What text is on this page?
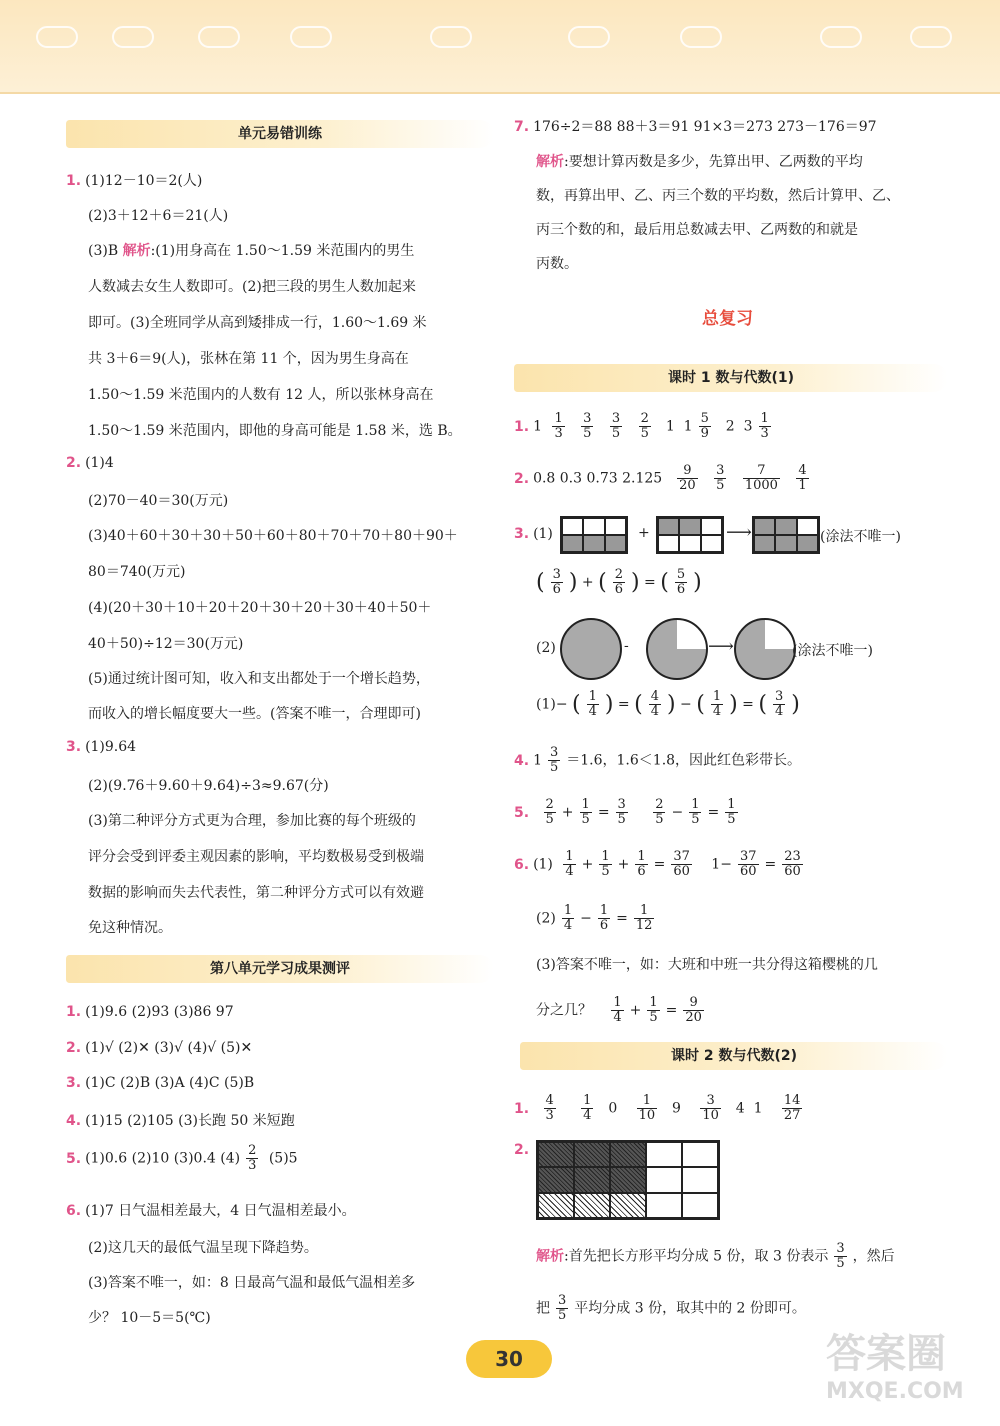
单元易错训练
1. (1)12－10＝2(人)
(2)3＋12＋6＝21(人)
(3)B 解析:(1)用身高在 1.50～1.59 米范围内的男生
人数减去女生人数即可。(2)把三段的男生人数加起来
即可。(3)全班同学从高到矮排成一行，1.60～1.69 米
共 3＋6＝9(人)，张林在第 11 个，因为男生身高在
1.50～1.59 米范围内的人数有 12 人，所以张林身高在
1.50～1.59 米范围内，即他的身高可能是 1.58 米，选 B。
2. (1)4
(2)70－40＝30(万元)
(3)40＋60＋30＋30＋50＋60＋80＋70＋70＋80＋90＋
80＝740(万元)
(4)(20＋30＋10＋20＋20＋30＋20＋30＋40＋50＋
40＋50)÷12＝30(万元)
(5)通过统计图可知，收入和支出都处于一个增长趋势，
而收入的增长幅度要大一些。(答案不唯一，合理即可)
3. (1)9.64
(2)(9.76＋9.60＋9.64)÷3≈9.67(分)
(3)第二种评分方式更为合理，参加比赛的每个班级的
评分会受到评委主观因素的影响，平均数极易受到极端
数据的影响而失去代表性，第二种评分方式可以有效避
免这种情况。
第八单元学习成果测评
1. (1)9.6 (2)93 (3)86 97
2. (1)√ (2)✕ (3)√ (4)√ (5)✕
3. (1)C (2)B (3)A (4)C (5)B
4. (1)15 (2)105 (3)长跑 50 米短跑
5. (1)0.6 (2)10 (3)0.4 $(4) \frac{2}{3} (5)5$
6. (1)7 日气温相差最大，4 日气温相差最小。
(2)这几天的最低气温呈现下降趋势。
(3)答案不唯一，如：8 日最高气温和最低气温相差多
少？ 10－5＝5(℃)
7. 176÷2＝88 88＋3＝91 91×3＝273 273－176＝97
解析:要想计算丙数是多少，先算出甲、乙两数的平均
数，再算出甲、乙、丙三个数的平均数，然后计算甲、乙、
丙三个数的和，最后用总数减去甲、乙两数的和就是
丙数。
总复习
课时 1 数与代数(1)
1. $1 \frac{1}{3}$
$\frac{3}{5}$
$\frac{3}{5}$
$\frac{2}{5} 1$ $1 \frac{5}{9} 2$ $3 \frac{1}{3}$
2. 0.8 0.3 0.73 $2.125 \frac{9}{20}$
$\frac{3}{5}$
$\frac{7}{1000}$
$\frac{4}{1}$
3. (1)	+	⟶	(涂法不唯一)
( $\frac{3}{6}$ ) + ( $\frac{2}{6}$ ) = ( $\frac{5}{6}$ )
(2)	-	⟶	(涂法不唯一)
(1)− ( $\frac{1}{4}$ ) = ( $\frac{4}{4}$ ) − ( $\frac{1}{4}$ ) = ( $\frac{3}{4}$ )
4. $1 \frac{3}{5} =1.6$，1.6＜1.8，因此红色彩带长。
5. $\frac{2}{5} + \frac{1}{5} = \frac{3}{5}$
$\frac{2}{5} - \frac{1}{5} = \frac{1}{5}$
6. $(1) \frac{1}{4} + \frac{1}{5} + \frac{1}{6} = \frac{37}{60} 1- \frac{37}{60} = \frac{23}{60}$
$(2) \frac{1}{4} - \frac{1}{6} = \frac{1}{12}$
(3)答案不唯一，如：大班和中班一共分得这箱樱桃的几
分之几？ $\frac{1}{4} + \frac{1}{5} = \frac{9}{20}$
课时 2 数与代数(2)
1. $\frac{4}{3}$
$\frac{1}{4} 0 \frac{1}{10} 9 \frac{3}{10} 4$  $1 \frac{14}{27}$
2.
解析:首先把长方形平均分成 5 份，取 3 份表示 $\frac{3}{5}$ ，然后
把 $\frac{3}{5}$ 平均分成 3 份，取其中的 2 份即可。
30	答案圈
MXQE.COM
